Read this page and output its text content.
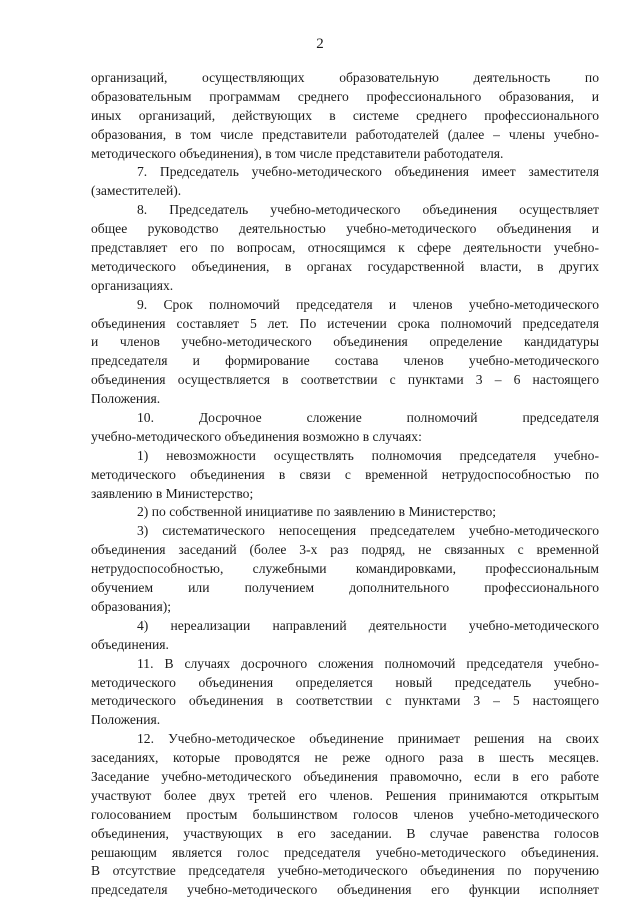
2
организаций, осуществляющих образовательную деятельность по
образовательным программам среднего профессионального образования, и
иных организаций, действующих в системе среднего профессионального
образования, в том числе представители работодателей (далее – члены учебно-
методического объединения), в том числе представители работодателя.
7. Председатель учебно-методического объединения имеет заместителя
(заместителей).
8. Председатель учебно-методического объединения осуществляет
общее руководство деятельностью учебно-методического объединения и
представляет его по вопросам, относящимся к сфере деятельности учебно-
методического объединения, в органах государственной власти, в других
организациях.
9. Срок полномочий председателя и членов учебно-методического
объединения составляет 5 лет. По истечении срока полномочий председателя
и членов учебно-методического объединения определение кандидатуры
председателя и формирование состава членов учебно-методического
объединения осуществляется в соответствии с пунктами 3 – 6 настоящего
Положения.
10. Досрочное сложение полномочий председателя
учебно-методического объединения возможно в случаях:
1) невозможности осуществлять полномочия председателя учебно-
методического объединения в связи с временной нетрудоспособностью по
заявлению в Министерство;
2) по собственной инициативе по заявлению в Министерство;
3) систематического непосещения председателем учебно-методического
объединения заседаний (более 3-х раз подряд, не связанных с временной
нетрудоспособностью, служебными командировками, профессиональным
обучением или получением дополнительного профессионального
образования);
4) нереализации направлений деятельности учебно-методического
объединения.
11. В случаях досрочного сложения полномочий председателя учебно-
методического объединения определяется новый председатель учебно-
методического объединения в соответствии с пунктами 3 – 5 настоящего
Положения.
12. Учебно-методическое объединение принимает решения на своих
заседаниях, которые проводятся не реже одного раза в шесть месяцев.
Заседание учебно-методического объединения правомочно, если в его работе
участвуют более двух третей его членов. Решения принимаются открытым
голосованием простым большинством голосов членов учебно-методического
объединения, участвующих в его заседании. В случае равенства голосов
решающим является голос председателя учебно-методического объединения.
В отсутствие председателя учебно-методического объединения по поручению
председателя учебно-методического объединения его функции исполняет
